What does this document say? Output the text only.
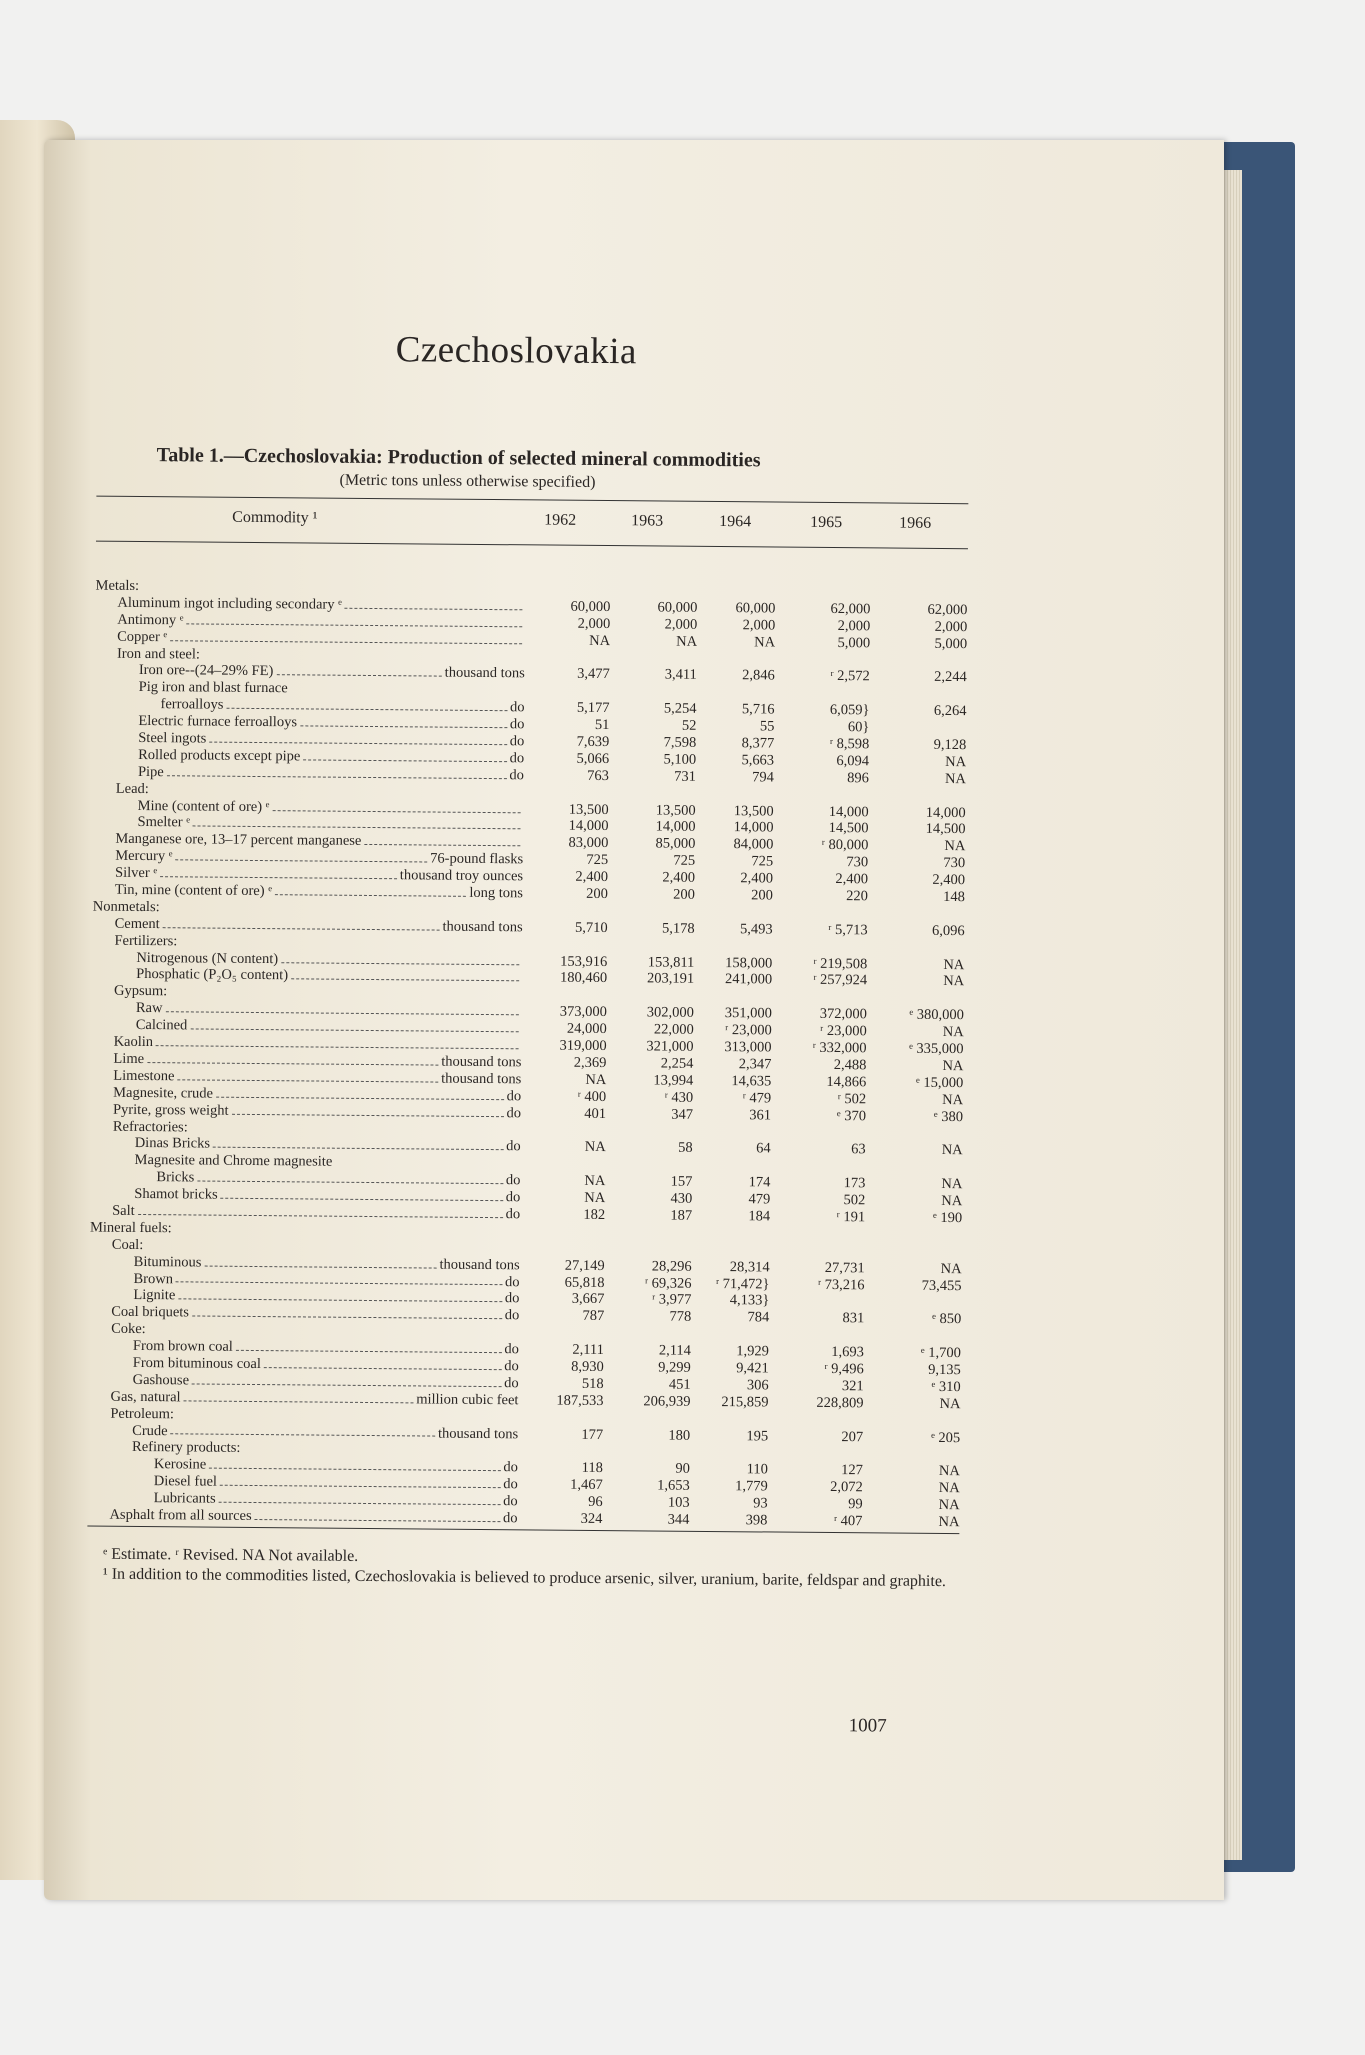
Czechoslovakia
Table 1.—Czechoslovakia: Production of selected mineral commodities
(Metric tons unless otherwise specified)
Commodity ¹	1962	1963	1964	1965	1966
Metals:
Aluminum ingot including secondary ᵉ	60,000	60,000	60,000	62,000	62,000
Antimony ᵉ	2,000	2,000	2,000	2,000	2,000
Copper ᵉ	NA	NA	NA	5,000	5,000
Iron and steel:
Iron ore--(24–29% FE)	thousand tons	3,477	3,411	2,846	ʳ 2,572	2,244
Pig iron and blast furnace
ferroalloys	do	5,177	5,254	5,716	6,059}	6,264
Electric furnace ferroalloys	do	51	52	55	60}
Steel ingots	do	7,639	7,598	8,377	ʳ 8,598	9,128
Rolled products except pipe	do	5,066	5,100	5,663	6,094	NA
Pipe	do	763	731	794	896	NA
Lead:
Mine (content of ore) ᵉ	13,500	13,500	13,500	14,000	14,000
Smelter ᵉ	14,000	14,000	14,000	14,500	14,500
Manganese ore, 13–17 percent manganese	83,000	85,000	84,000	ʳ 80,000	NA
Mercury ᵉ	76-pound flasks	725	725	725	730	730
Silver ᵉ	thousand troy ounces	2,400	2,400	2,400	2,400	2,400
Tin, mine (content of ore) ᵉ	long tons	200	200	200	220	148
Nonmetals:
Cement	thousand tons	5,710	5,178	5,493	ʳ 5,713	6,096
Fertilizers:
Nitrogenous (N content)	153,916	153,811	158,000	ʳ 219,508	NA
Phosphatic (P₂O₅ content)	180,460	203,191	241,000	ʳ 257,924	NA
Gypsum:
Raw	373,000	302,000	351,000	372,000	ᵉ 380,000
Calcined	24,000	22,000	ʳ 23,000	ʳ 23,000	NA
Kaolin	319,000	321,000	313,000	ʳ 332,000	ᵉ 335,000
Lime	thousand tons	2,369	2,254	2,347	2,488	NA
Limestone	thousand tons	NA	13,994	14,635	14,866	ᵉ 15,000
Magnesite, crude	do	ʳ 400	ʳ 430	ʳ 479	ʳ 502	NA
Pyrite, gross weight	do	401	347	361	ᵉ 370	ᵉ 380
Refractories:
Dinas Bricks	do	NA	58	64	63	NA
Magnesite and Chrome magnesite
Bricks	do	NA	157	174	173	NA
Shamot bricks	do	NA	430	479	502	NA
Salt	do	182	187	184	ʳ 191	ᵉ 190
Mineral fuels:
Coal:
Bituminous	thousand tons	27,149	28,296	28,314	27,731	NA
Brown	do	65,818	ʳ 69,326	ʳ 71,472}	ʳ 73,216	73,455
Lignite	do	3,667	ʳ 3,977	4,133}
Coal briquets	do	787	778	784	831	ᵉ 850
Coke:
From brown coal	do	2,111	2,114	1,929	1,693	ᵉ 1,700
From bituminous coal	do	8,930	9,299	9,421	ʳ 9,496	9,135
Gashouse	do	518	451	306	321	ᵉ 310
Gas, natural	million cubic feet	187,533	206,939	215,859	228,809	NA
Petroleum:
Crude	thousand tons	177	180	195	207	ᵉ 205
Refinery products:
Kerosine	do	118	90	110	127	NA
Diesel fuel	do	1,467	1,653	1,779	2,072	NA
Lubricants	do	96	103	93	99	NA
Asphalt from all sources	do	324	344	398	ʳ 407	NA
ᵉ Estimate. ʳ Revised. NA Not available.
¹ In addition to the commodities listed, Czechoslovakia is believed to produce arsenic, silver, uranium, barite, feldspar and graphite.
1007
